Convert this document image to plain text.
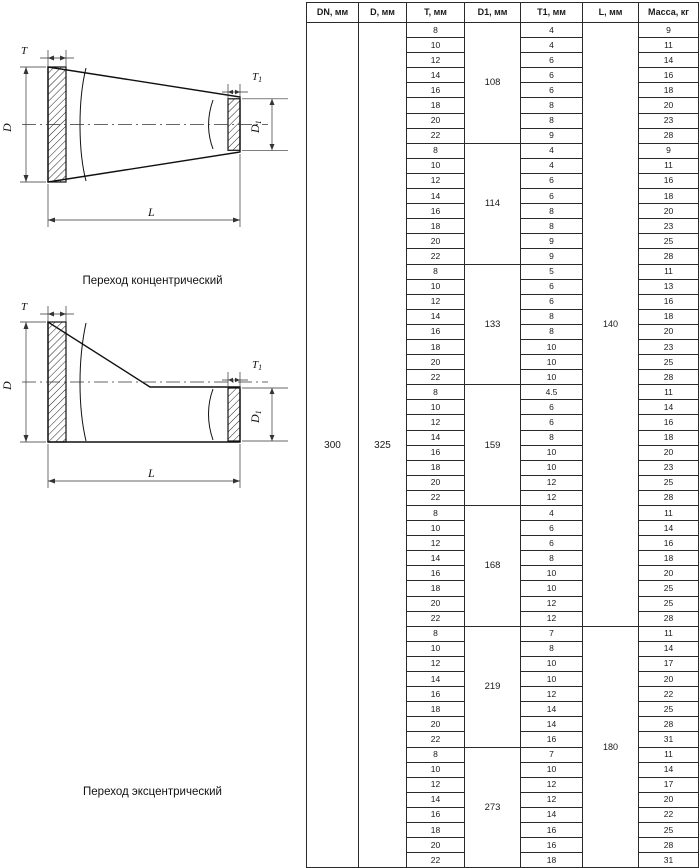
T
T1
D	D1
L
Переход концентрический
T
T1
D
D1
L
Переход эксцентрический
DN, мм	D, мм	T, мм	D1, мм	T1, мм	L, мм	Масса, кг
300	325	8	108	4	140	9
		10		4		11
		12		6		14
		14		6		16
		16		6		18
		18		8		20
		20		8		23
		22		9		28
		8	114	4		9
		10		4		11
		12		6		16
		14		6		18
		16		8		20
		18		8		23
		20		9		25
		22		9		28
		8	133	5		11
		10		6		13
		12		6		16
		14		8		18
		16		8		20
		18		10		23
		20		10		25
		22		10		28
		8	159	4.5		11
		10		6		14
		12		6		16
		14		8		18
		16		10		20
		18		10		23
		20		12		25
		22		12		28
		8	168	4		11
		10		6		14
		12		6		16
		14		8		18
		16		10		20
		18		10		25
		20		12		25
		22		12		28
		8	219	7	180	11
		10		8		14
		12		10		17
		14		10		20
		16		12		22
		18		14		25
		20		14		28
		22		16		31
		8	273	7		11
		10		10		14
		12		12		17
		14		12		20
		16		14		22
		18		16		25
		20		16		28
		22		18		31
